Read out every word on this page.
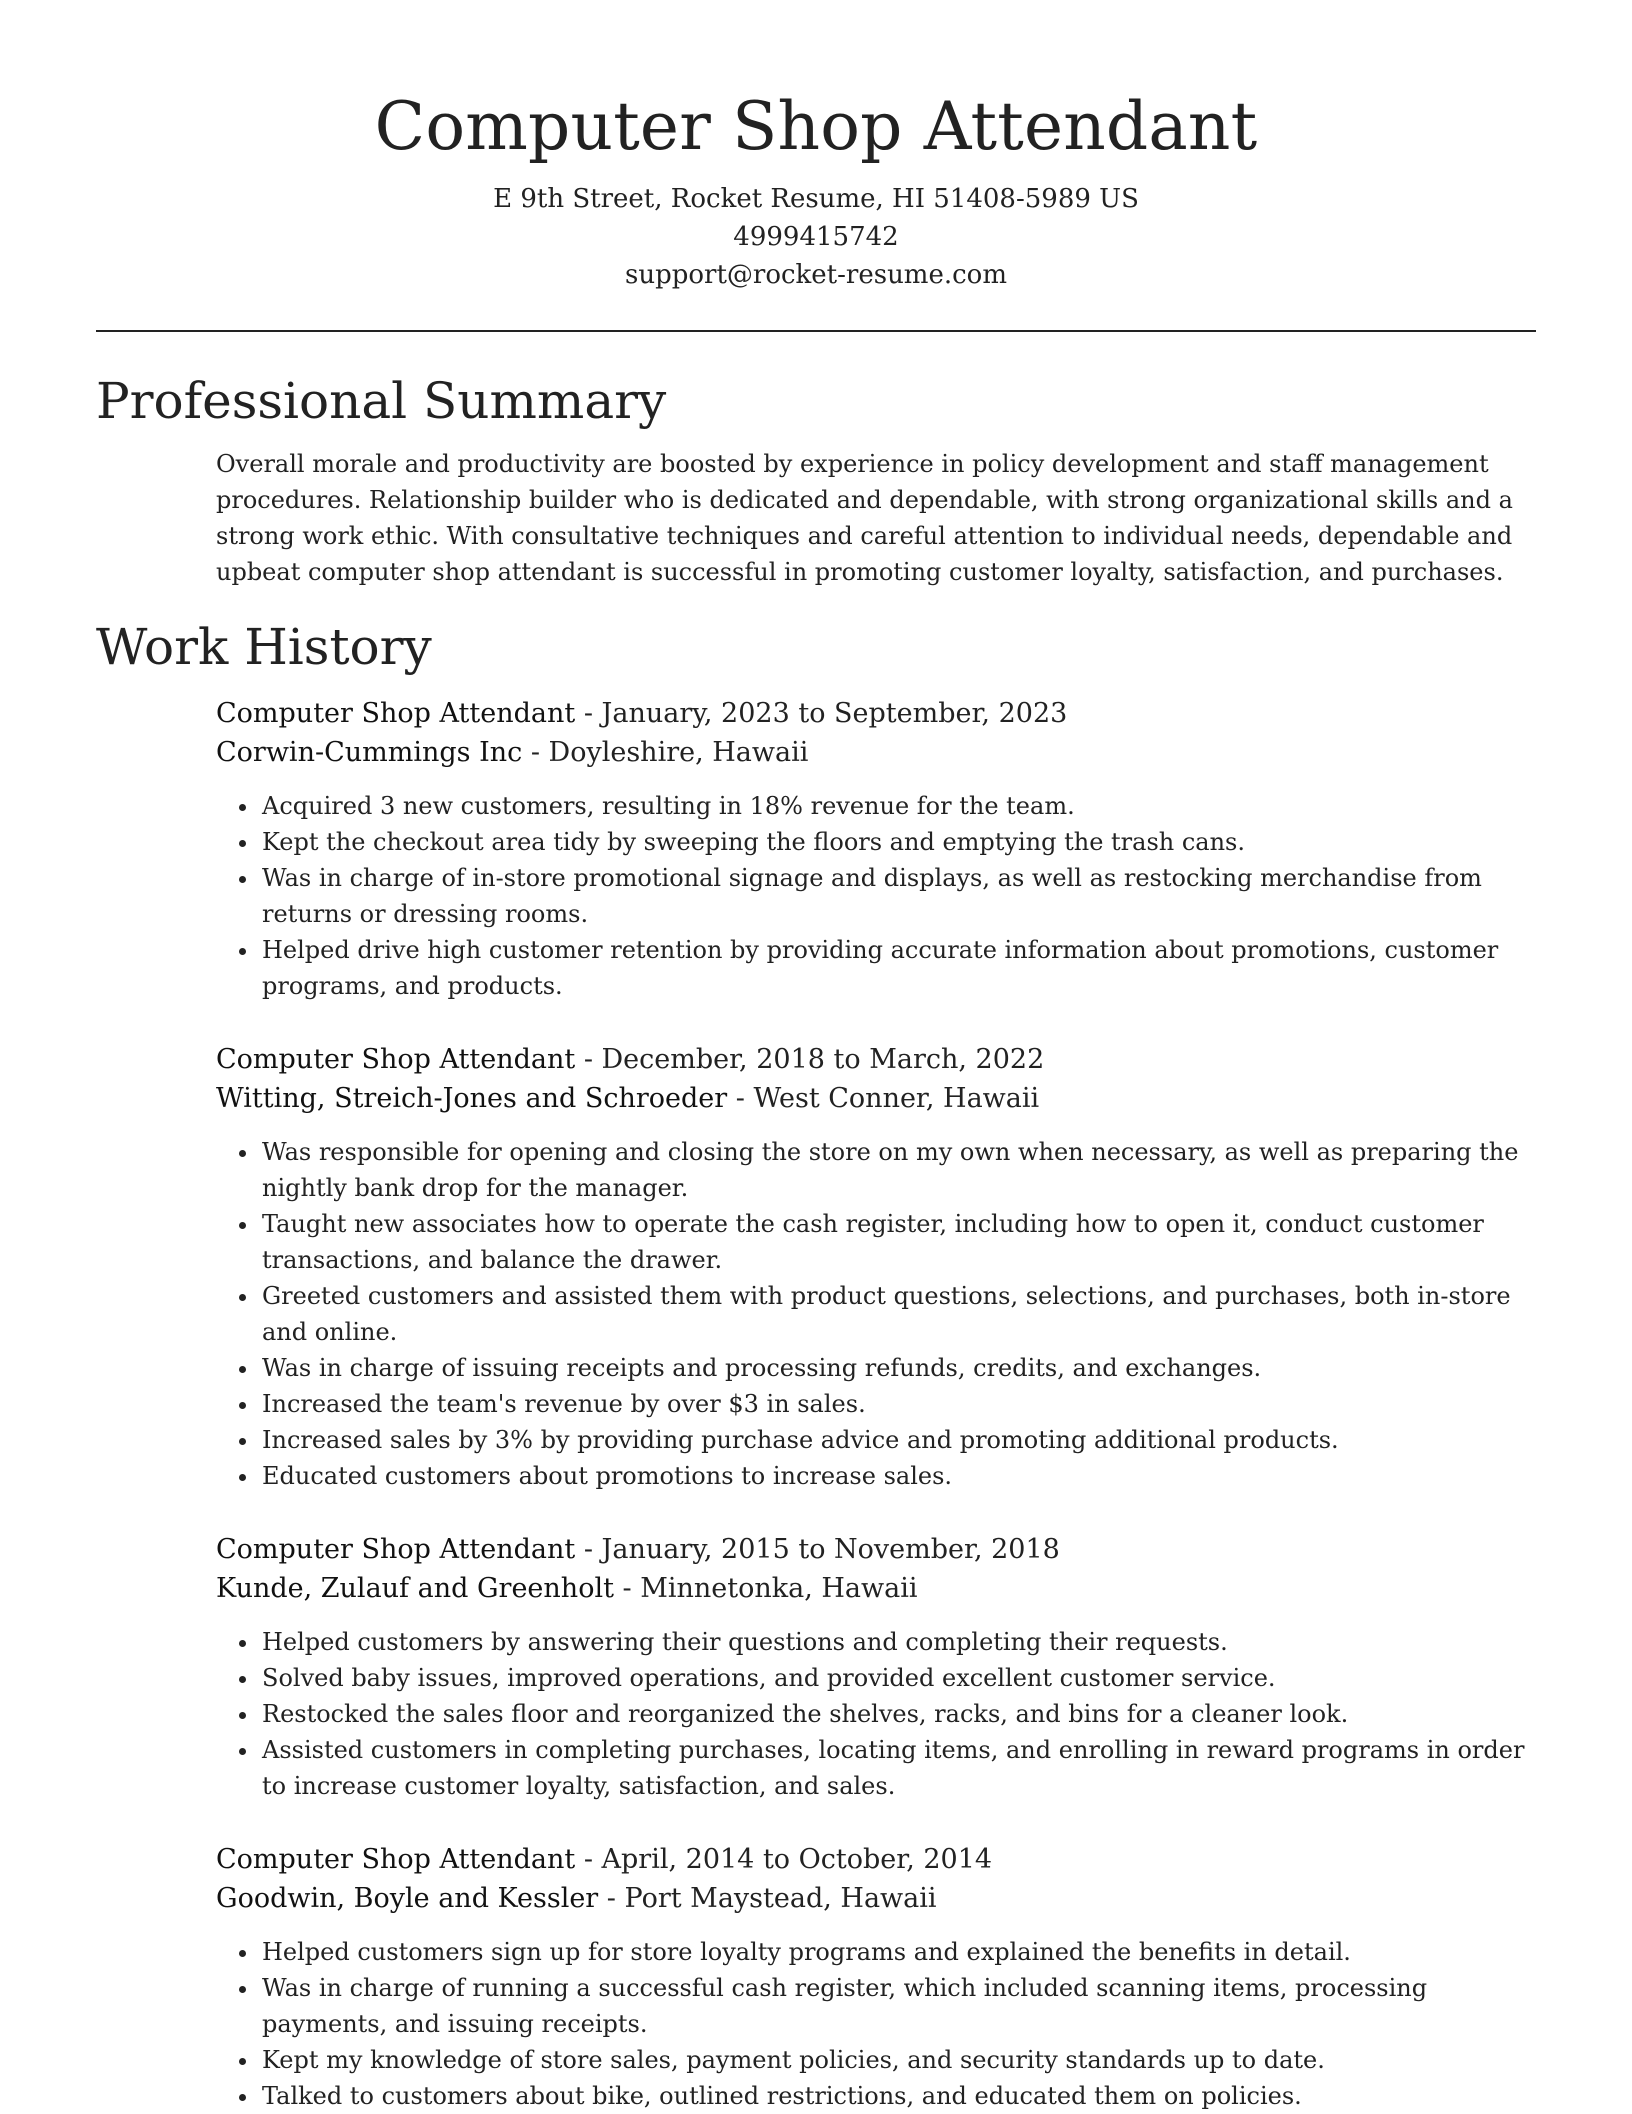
Computer Shop Attendant
E 9th Street, Rocket Resume, HI 51408-5989 US
4999415742
support@rocket-resume.com
Professional Summary

Overall morale and productivity are boosted by experience in policy development and staff management procedures. Relationship builder who is dedicated and dependable, with strong organizational skills and a strong work ethic. With consultative techniques and careful attention to individual needs, dependable and upbeat computer shop attendant is successful in promoting customer loyalty, satisfaction, and purchases.

Work History
Computer Shop Attendant - January, 2023 to September, 2023
Corwin-Cummings Inc - Doyleshire, Hawaii
• Acquired 3 new customers, resulting in 18% revenue for the team.
• Kept the checkout area tidy by sweeping the floors and emptying the trash cans.
• Was in charge of in-store promotional signage and displays, as well as restocking merchandise from returns or dressing rooms.
• Helped drive high customer retention by providing accurate information about promotions, customer programs, and products.
Computer Shop Attendant - December, 2018 to March, 2022
Witting, Streich-Jones and Schroeder - West Conner, Hawaii
• Was responsible for opening and closing the store on my own when necessary, as well as preparing the nightly bank drop for the manager.
• Taught new associates how to operate the cash register, including how to open it, conduct customer transactions, and balance the drawer.
• Greeted customers and assisted them with product questions, selections, and purchases, both in-store and online.
• Was in charge of issuing receipts and processing refunds, credits, and exchanges.
• Increased the team's revenue by over $3 in sales.
• Increased sales by 3% by providing purchase advice and promoting additional products.
• Educated customers about promotions to increase sales.
Computer Shop Attendant - January, 2015 to November, 2018
Kunde, Zulauf and Greenholt - Minnetonka, Hawaii
• Helped customers by answering their questions and completing their requests.
• Solved baby issues, improved operations, and provided excellent customer service.
• Restocked the sales floor and reorganized the shelves, racks, and bins for a cleaner look.
• Assisted customers in completing purchases, locating items, and enrolling in reward programs in order to increase customer loyalty, satisfaction, and sales.
Computer Shop Attendant - April, 2014 to October, 2014
Goodwin, Boyle and Kessler - Port Maystead, Hawaii
• Helped customers sign up for store loyalty programs and explained the benefits in detail.
• Was in charge of running a successful cash register, which included scanning items, processing payments, and issuing receipts.
• Kept my knowledge of store sales, payment policies, and security standards up to date.
• Talked to customers about bike, outlined restrictions, and educated them on policies.
